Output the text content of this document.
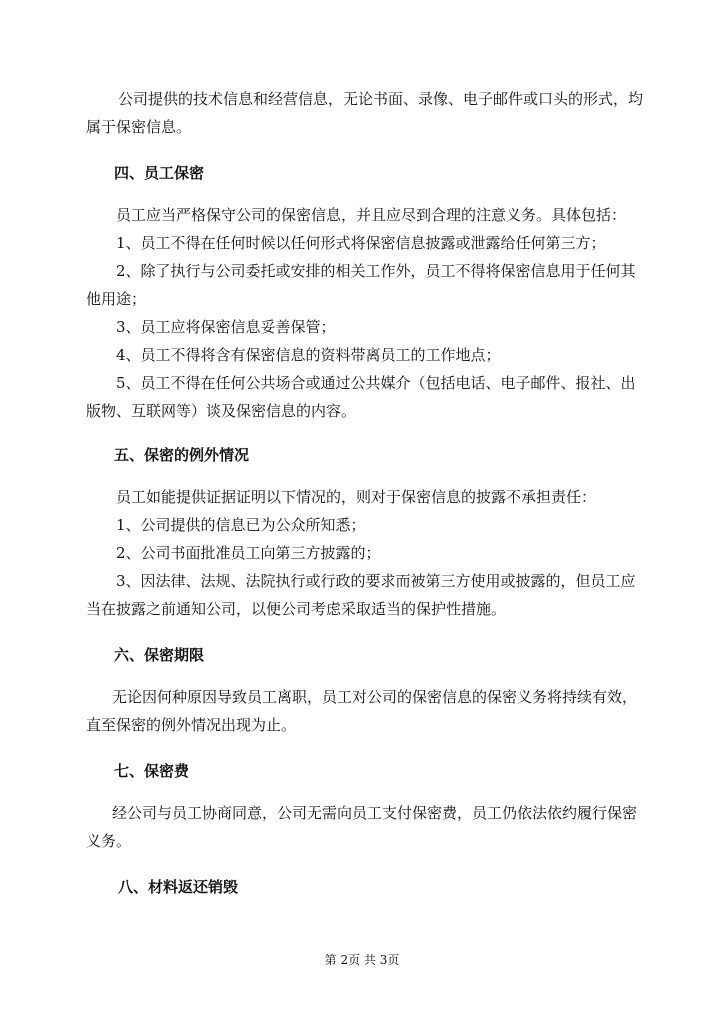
公司提供的技术信息和经营信息，无论书面、录像、电子邮件或口头的形式，均
属于保密信息。
四、员工保密
员工应当严格保守公司的保密信息，并且应尽到合理的注意义务。具体包括：
1、员工不得在任何时候以任何形式将保密信息披露或泄露给任何第三方；
2、除了执行与公司委托或安排的相关工作外，员工不得将保密信息用于任何其
他用途；
3、员工应将保密信息妥善保管；
4、员工不得将含有保密信息的资料带离员工的工作地点；
5、员工不得在任何公共场合或通过公共媒介（包括电话、电子邮件、报社、出
版物、互联网等）谈及保密信息的内容。
五、保密的例外情况
员工如能提供证据证明以下情况的，则对于保密信息的披露不承担责任：
1、公司提供的信息已为公众所知悉；
2、公司书面批准员工向第三方披露的；
3、因法律、法规、法院执行或行政的要求而被第三方使用或披露的，但员工应
当在披露之前通知公司，以便公司考虑采取适当的保护性措施。
六、保密期限
无论因何种原因导致员工离职，员工对公司的保密信息的保密义务将持续有效，
直至保密的例外情况出现为止。
七、保密费
经公司与员工协商同意，公司无需向员工支付保密费，员工仍依法依约履行保密
义务。
八、材料返还销毁
第 2页 共 3页
